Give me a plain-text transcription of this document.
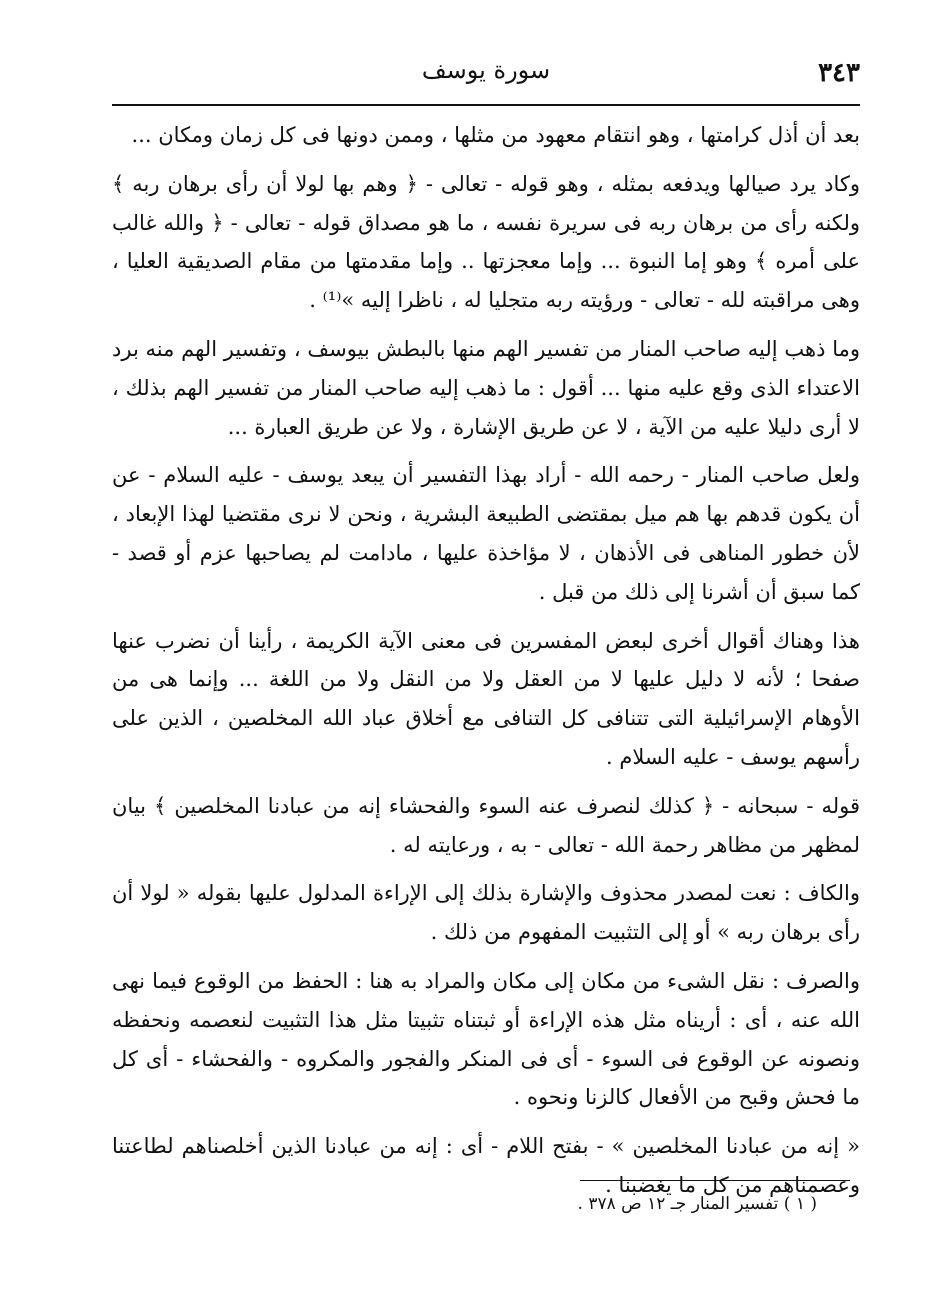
٣٤٣
سورة يوسف

بعد أن أذل كرامتها ، وهو انتقام معهود من مثلها ، وممن دونها فى كل زمان ومكان ...

وكاد يرد صيالها ويدفعه بمثله ، وهو قوله - تعالى - ﴿ وهم بها لولا أن رأى برهان ربه ﴾ ولكنه رأى من برهان ربه فى سريرة نفسه ، ما هو مصداق قوله - تعالى - ﴿ والله غالب على أمره ﴾ وهو إما النبوة ... وإما معجزتها .. وإما مقدمتها من مقام الصديقية العليا ، وهى مراقبته لله - تعالى - ورؤيته ربه متجليا له ، ناظرا إليه »⁽¹⁾ .

وما ذهب إليه صاحب المنار من تفسير الهم منها بالبطش بيوسف ، وتفسير الهم منه برد الاعتداء الذى وقع عليه منها ... أقول : ما ذهب إليه صاحب المنار من تفسير الهم بذلك ، لا أرى دليلا عليه من الآية ، لا عن طريق الإشارة ، ولا عن طريق العبارة ...

ولعل صاحب المنار - رحمه الله - أراد بهذا التفسير أن يبعد يوسف - عليه السلام - عن أن يكون قدهم بها هم ميل بمقتضى الطبيعة البشرية ، ونحن لا نرى مقتضيا لهذا الإبعاد ، لأن خطور المناهى فى الأذهان ، لا مؤاخذة عليها ، مادامت لم يصاحبها عزم أو قصد - كما سبق أن أشرنا إلى ذلك من قبل .

هذا وهناك أقوال أخرى لبعض المفسرين فى معنى الآية الكريمة ، رأينا أن نضرب عنها صفحا ؛ لأنه لا دليل عليها لا من العقل ولا من النقل ولا من اللغة ... وإنما هى من الأوهام الإسرائيلية التى تتنافى كل التنافى مع أخلاق عباد الله المخلصين ، الذين على رأسهم يوسف - عليه السلام .

قوله - سبحانه - ﴿ كذلك لنصرف عنه السوء والفحشاء إنه من عبادنا المخلصين ﴾ بيان لمظهر من مظاهر رحمة الله - تعالى - به ، ورعايته له .

والكاف : نعت لمصدر محذوف والإشارة بذلك إلى الإراءة المدلول عليها بقوله « لولا أن رأى برهان ربه » أو إلى التثبيت المفهوم من ذلك .

والصرف : نقل الشىء من مكان إلى مكان والمراد به هنا : الحفظ من الوقوع فيما نهى الله عنه ، أى : أريناه مثل هذه الإراءة أو ثبتناه تثبيتا مثل هذا التثبيت لنعصمه ونحفظه ونصونه عن الوقوع فى السوء - أى فى المنكر والفجور والمكروه - والفحشاء - أى كل ما فحش وقبح من الأفعال كالزنا ونحوه .

« إنه من عبادنا المخلصين » - بفتح اللام - أى : إنه من عبادنا الذين أخلصناهم لطاعتنا وعصمناهم من كل ما يغضبنا .

( ١ ) تفسير المنار جـ ١٢ ص ٣٧٨ .
